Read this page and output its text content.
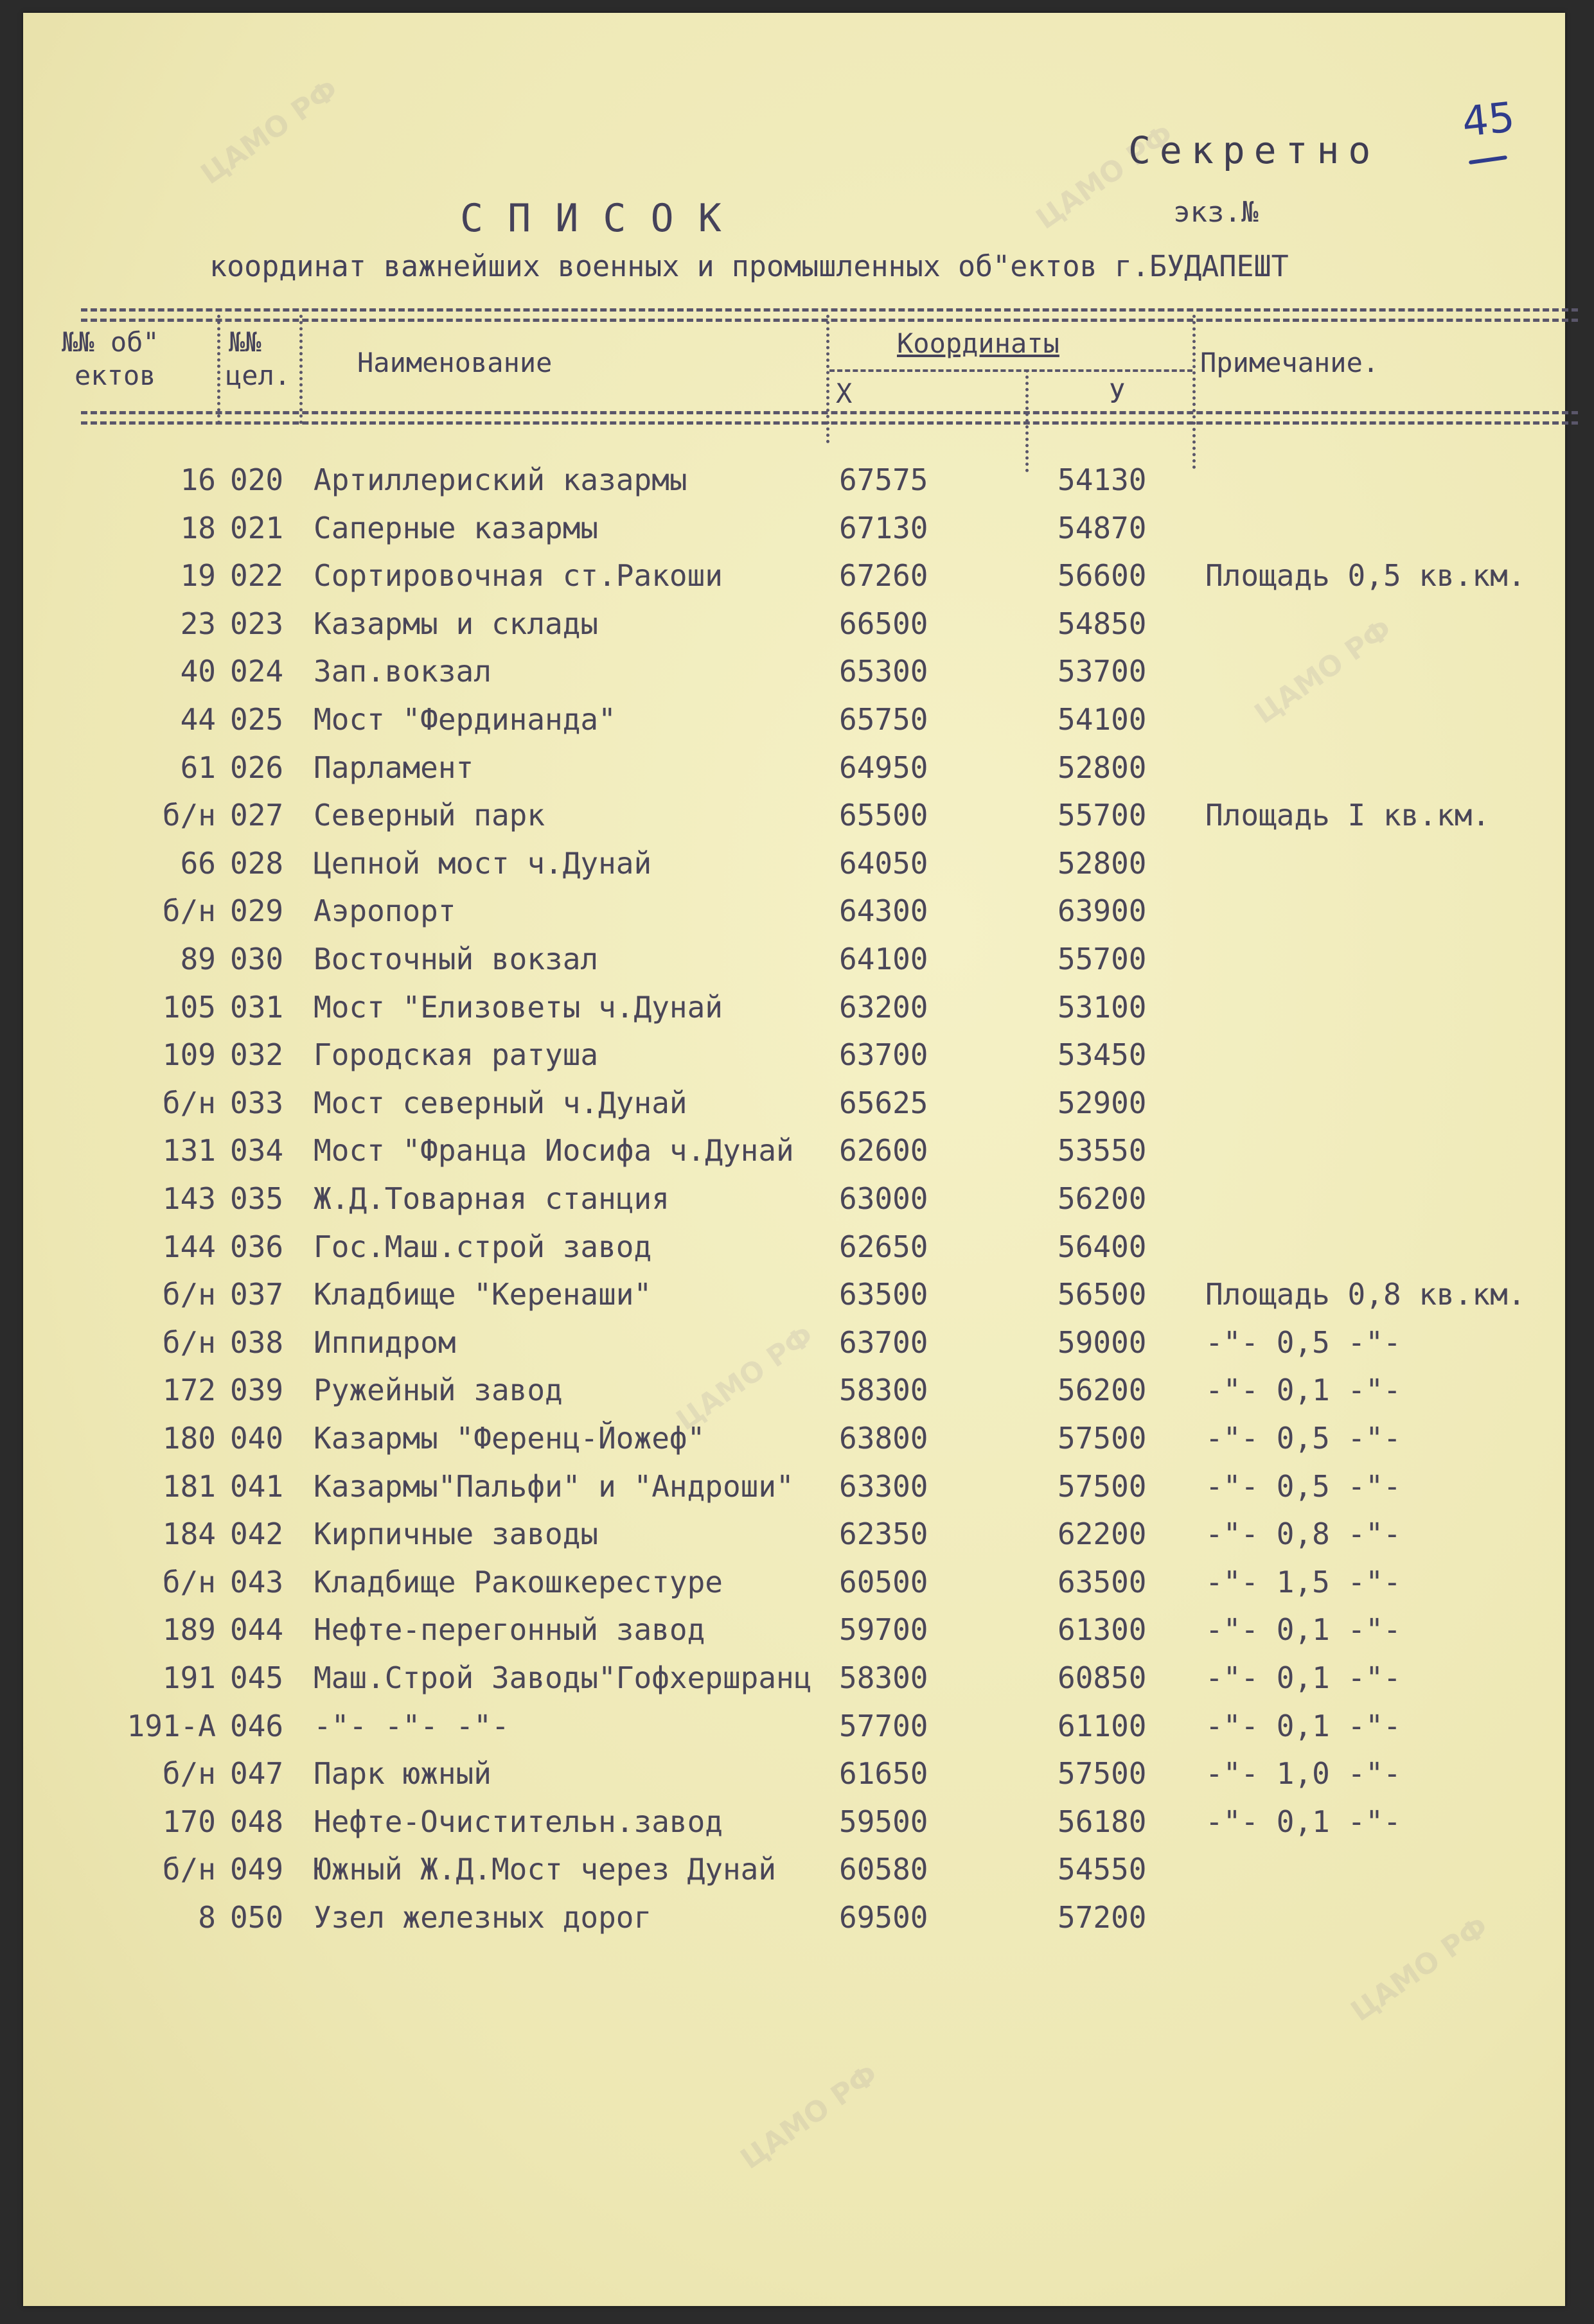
ЦАМО РФ	ЦАМО РФ
ЦАМО РФ
ЦАМО РФ
ЦАМО РФ
ЦАМО РФ
Секретно
45
СПИСОК	экз.№
координат важнейших военных и промышленных об"ектов г.БУДАПЕШТ
№№ об"
ектов
№№
цел. Наименование
Координаты
Х	У
Примечание.
16 020 Артиллериский казармы	67575	54130
18 021 Саперные казармы	67130	54870
19 022 Сортировочная ст.Ракоши	67260	56600 Площадь 0,5 кв.км.
23 023 Казармы и склады	66500	54850
40 024 Зап.вокзал	65300	53700
44 025 Мост "Фердинанда"	65750	54100
61 026 Парламент	64950	52800
б/н 027 Северный парк	65500	55700 Площадь I кв.км.
66 028 Цепной мост ч.Дунай	64050	52800
б/н 029 Аэропорт	64300	63900
89 030 Восточный вокзал	64100	55700
105 031 Мост "Елизоветы ч.Дунай	63200	53100
109 032 Городская ратуша	63700	53450
б/н 033 Мост северный ч.Дунай	65625	52900
131 034 Мост "Франца Иосифа ч.Дунай 62600	53550
143 035 Ж.Д.Товарная станция	63000	56200
144 036 Гос.Маш.строй завод	62650	56400
б/н 037 Кладбище "Керенаши"	63500	56500 Площадь 0,8 кв.км.
б/н 038 Иппидром	63700	59000 -"- 0,5 -"-
172 039 Ружейный завод	58300	56200 -"- 0,1 -"-
180 040 Казармы "Ференц-Йожеф"	63800	57500 -"- 0,5 -"-
181 041 Казармы"Пальфи" и "Андроши" 63300	57500 -"- 0,5 -"-
184 042 Кирпичные заводы	62350	62200 -"- 0,8 -"-
б/н 043 Кладбище Ракошкерестуре	60500	63500 -"- 1,5 -"-
189 044 Нефте-перегонный завод	59700	61300 -"- 0,1 -"-
191 045 Маш.Строй Заводы"Гофхершранц 58300	60850 -"- 0,1 -"-
191-А 046 -"- -"- -"-	57700	61100 -"- 0,1 -"-
б/н 047 Парк южный	61650	57500 -"- 1,0 -"-
170 048 Нефте-Очистительн.завод	59500	56180 -"- 0,1 -"-
б/н 049 Южный Ж.Д.Мост через Дунай 60580	54550
8 050 Узел железных дорог	69500	57200
